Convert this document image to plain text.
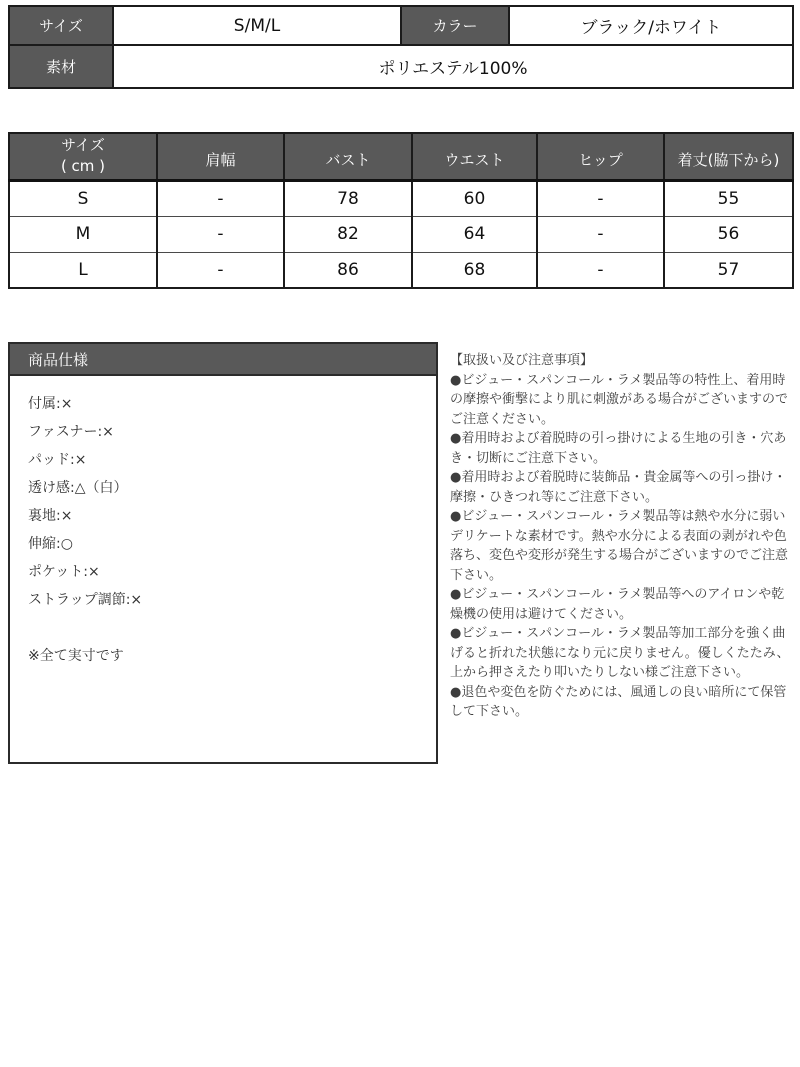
サイズ	S/M/L	カラー	ブラック/ホワイト
素材	ポリエステル100%		
サイズ
( cm )	肩幅	バスト	ウエスト	ヒップ	着丈(脇下から)
S	-	78	60	-	55
M	-	82	64	-	56
L	-	86	68	-	57
商品仕様
付属:×
ファスナー:×
パッド:×
透け感:△（白）
裏地:×
伸縮:○
ポケット:×
ストラップ調節:×
※全て実寸です

【取扱い及び注意事項】

●ビジュー・スパンコール・ラメ製品等の特性上、着用時の摩擦や衝撃により肌に刺激がある場合がございますのでご注意ください。

●着用時および着脱時の引っ掛けによる生地の引き・穴あき・切断にご注意下さい。

●着用時および着脱時に装飾品・貴金属等への引っ掛け・摩擦・ひきつれ等にご注意下さい。

●ビジュー・スパンコール・ラメ製品等は熱や水分に弱いデリケートな素材です。熱や水分による表面の剥がれや色落ち、変色や変形が発生する場合がございますのでご注意下さい。

●ビジュー・スパンコール・ラメ製品等へのアイロンや乾燥機の使用は避けてください。

●ビジュー・スパンコール・ラメ製品等加工部分を強く曲げると折れた状態になり元に戻りません。優しくたたみ、上から押さえたり叩いたりしない様ご注意下さい。

●退色や変色を防ぐためには、風通しの良い暗所にて保管して下さい。
